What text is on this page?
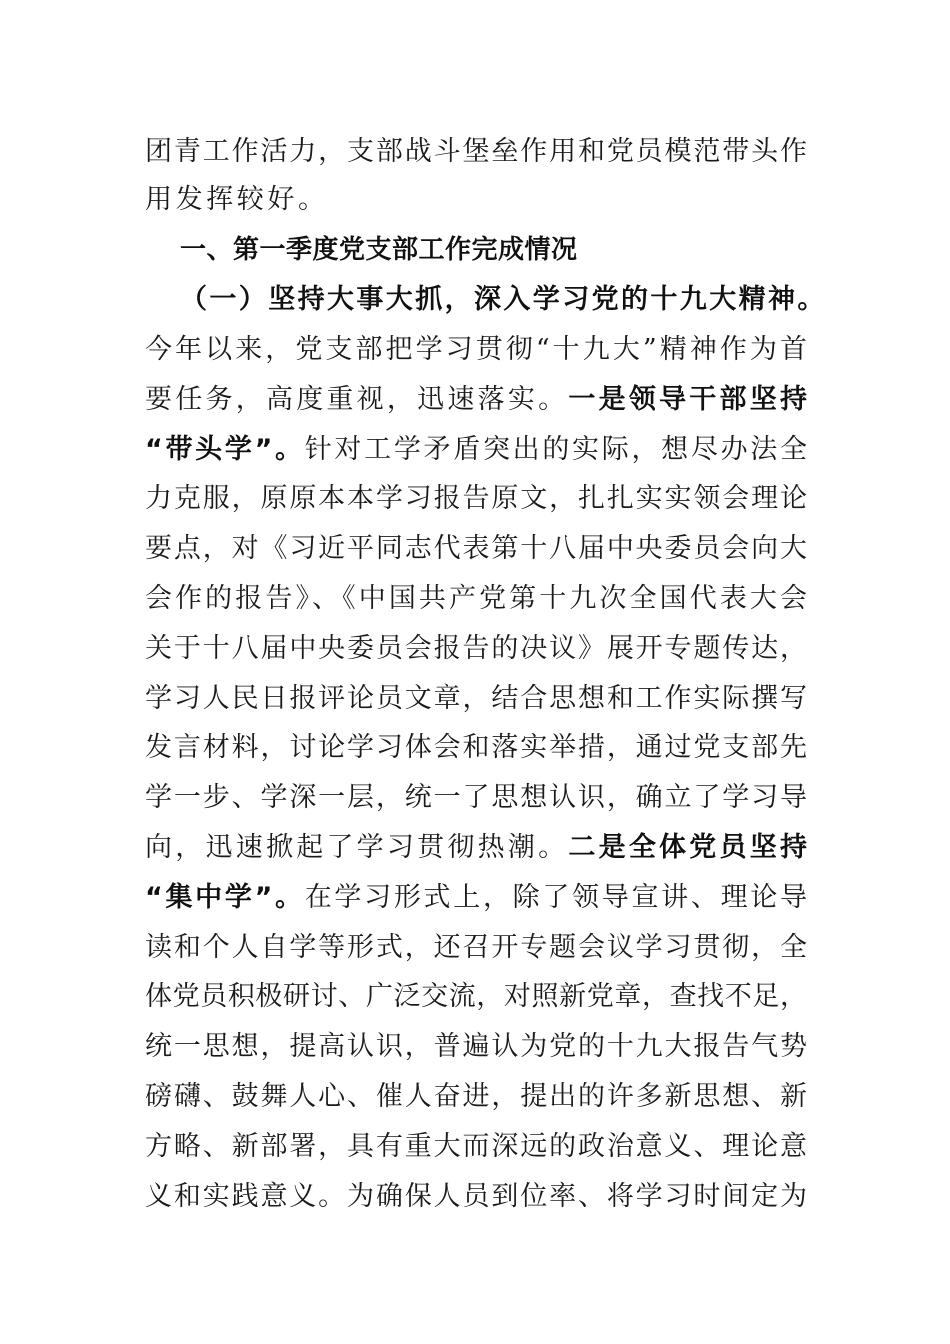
一、第一季度党支部工作完成情况
（一）坚持大事大抓，深入学习党的十九大精神。
团青工作活力，支部战斗堡垒作用和党员模范带头作
用发挥较好。
今年以来，党支部把学习贯彻“十九大”精神作为首
要任务，高度重视，迅速落实。一是领导干部坚持
“带头学”。针对工学矛盾突出的实际，想尽办法全
力克服，原原本本学习报告原文，扎扎实实领会理论
要点，对《习近平同志代表第十八届中央委员会向大
会作的报告》、《中国共产党第十九次全国代表大会
关于十八届中央委员会报告的决议》展开专题传达，
学习人民日报评论员文章，结合思想和工作实际撰写
发言材料，讨论学习体会和落实举措，通过党支部先
学一步、学深一层，统一了思想认识，确立了学习导
向，迅速掀起了学习贯彻热潮。二是全体党员坚持
“集中学”。在学习形式上，除了领导宣讲、理论导
读和个人自学等形式，还召开专题会议学习贯彻，全
体党员积极研讨、广泛交流，对照新党章，查找不足，
统一思想，提高认识，普遍认为党的十九大报告气势
磅礴、鼓舞人心、催人奋进，提出的许多新思想、新
方略、新部署，具有重大而深远的政治意义、理论意
义和实践意义。为确保人员到位率、将学习时间定为
